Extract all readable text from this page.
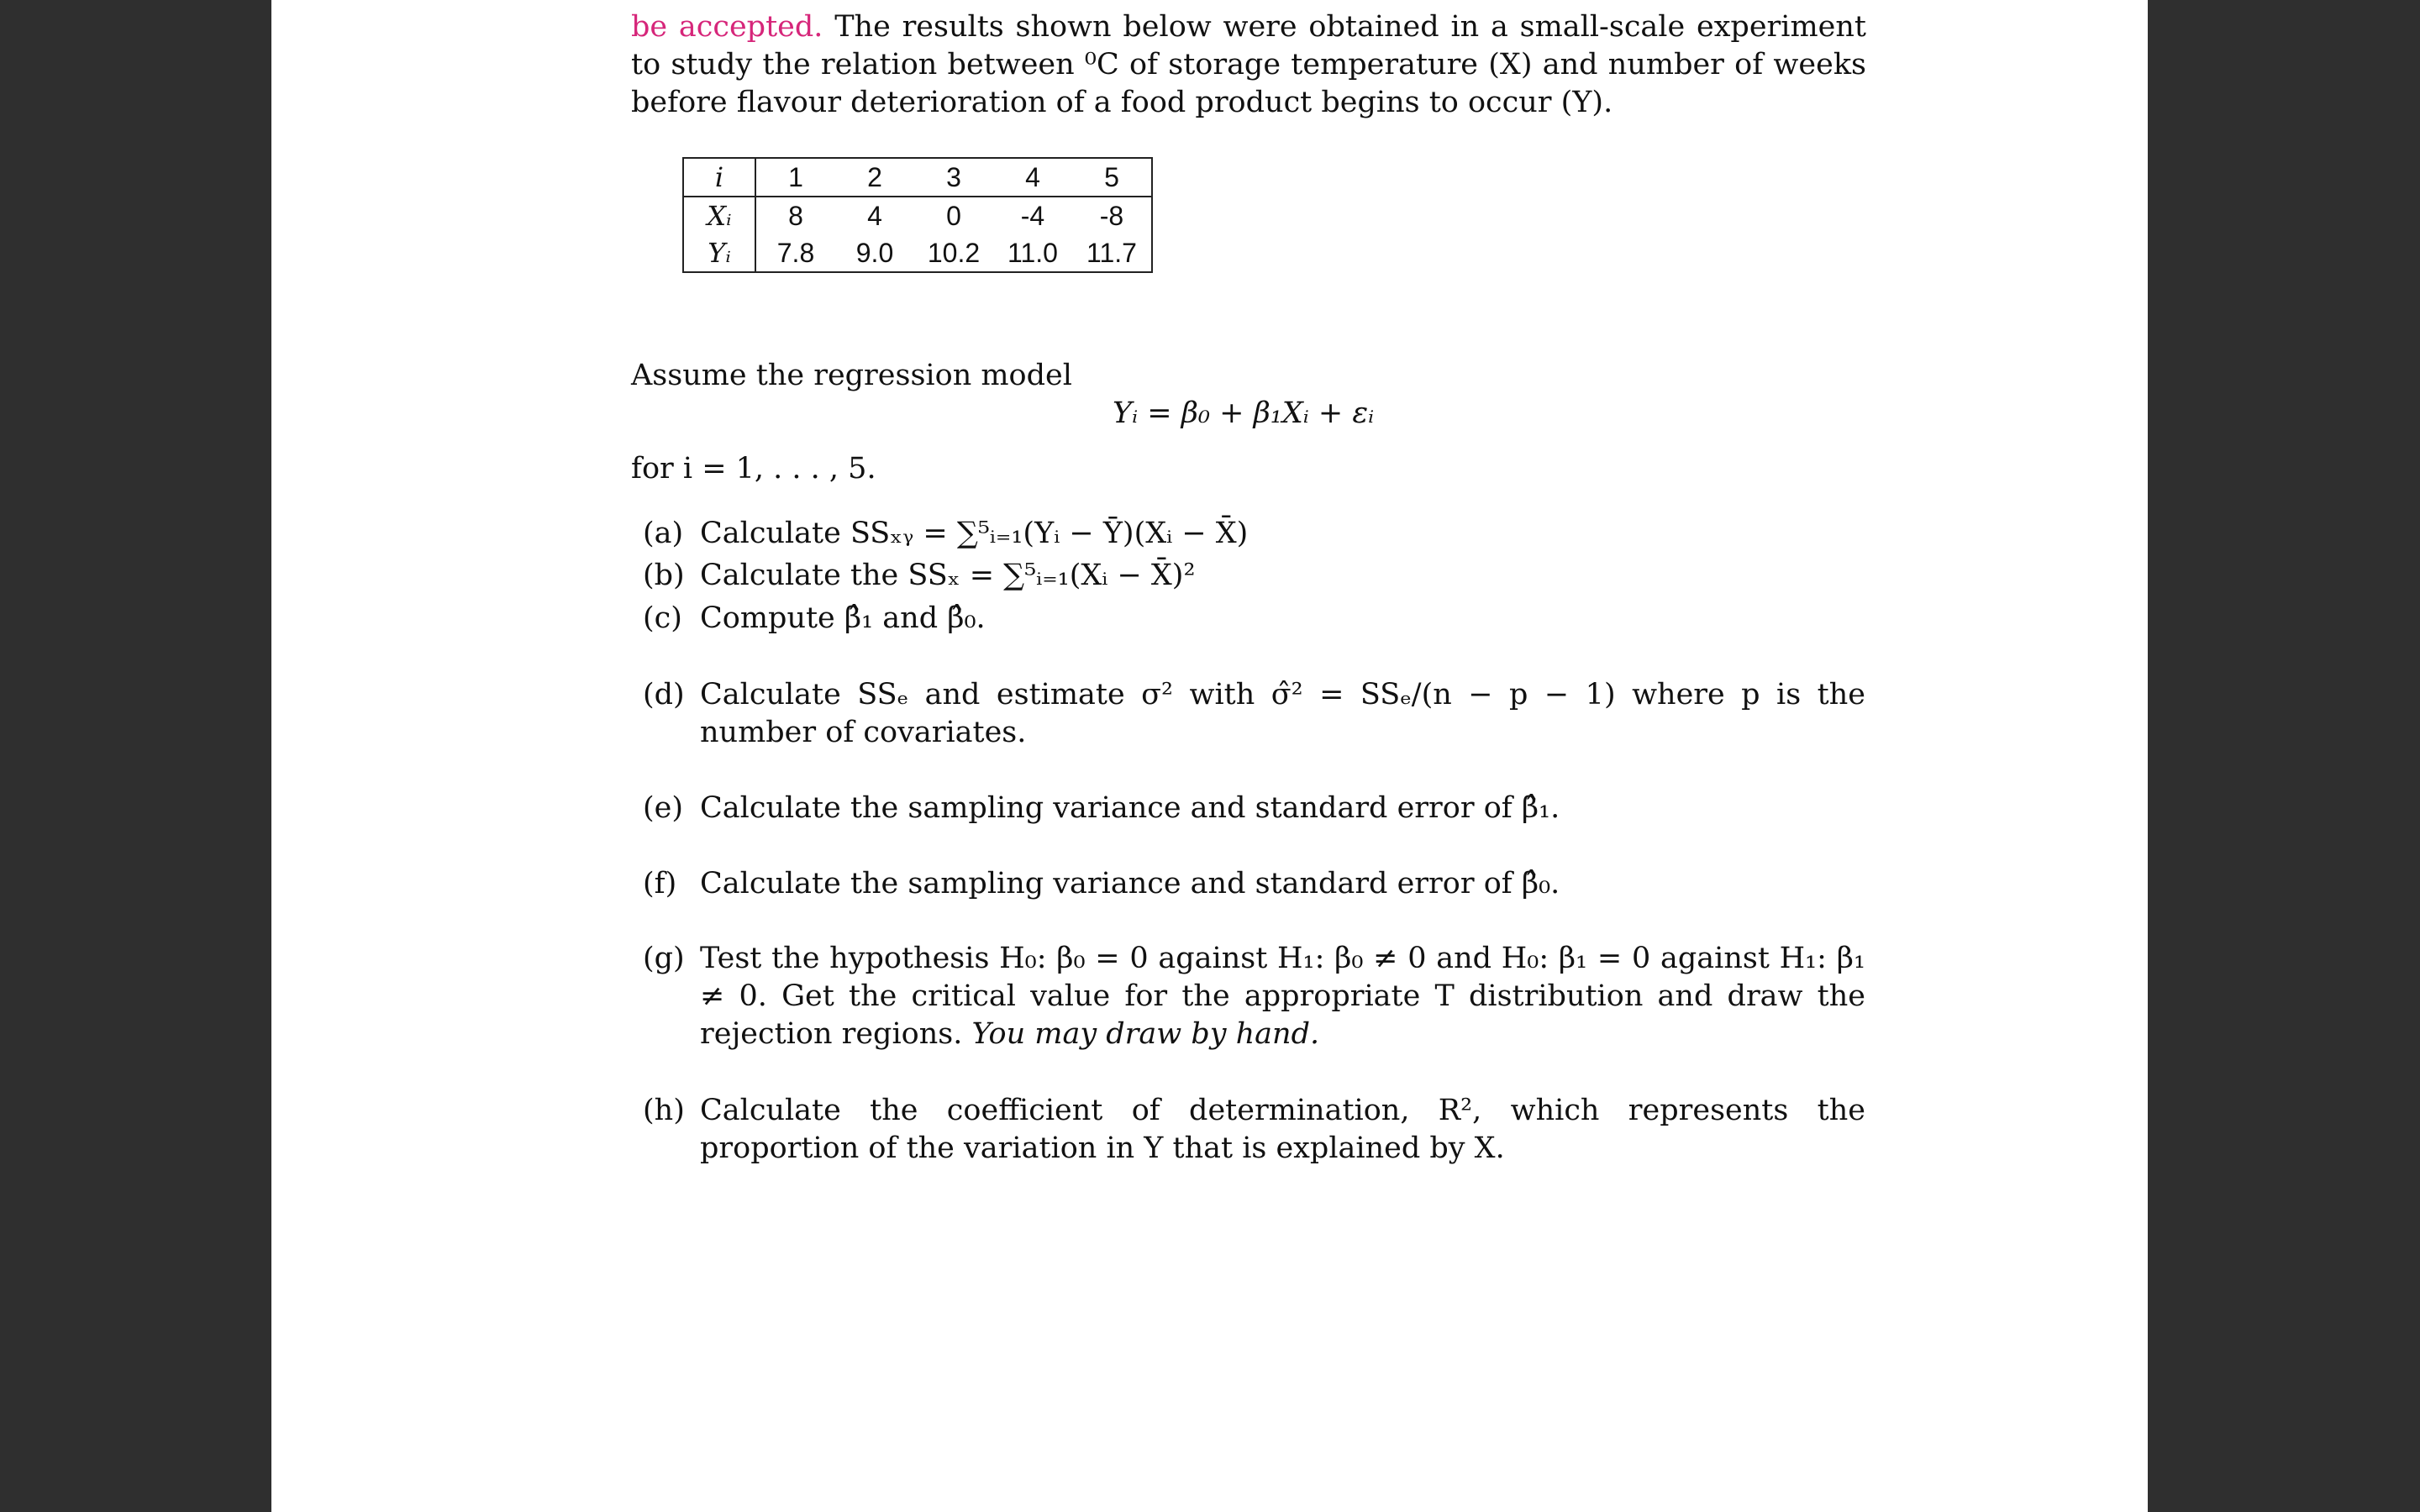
be accepted. The results shown below were obtained in a small-scale experiment to study the relation between ⁰C of storage temperature (X) and number of weeks before flavour deterioration of a food product begins to occur (Y).
i	1	2	3	4	5
Xᵢ	8	4	0	-4	-8
Yᵢ	7.8	9.0	10.2	11.0	11.7
Assume the regression model
Yᵢ = β₀ + β₁Xᵢ + εᵢ
for i = 1, . . . , 5.
(a) Calculate SSₓᵧ = ∑⁵ᵢ₌₁(Yᵢ − Ȳ)(Xᵢ − X̄)
(b) Calculate the SSₓ = ∑⁵ᵢ₌₁(Xᵢ − X̄)²
(c) Compute β̂₁ and β̂₀.
(d) Calculate SSₑ and estimate σ² with σ̂² = SSₑ/(n − p − 1) where p is the number of covariates.
(e) Calculate the sampling variance and standard error of β̂₁.
(f) Calculate the sampling variance and standard error of β̂₀.
(g) Test the hypothesis H₀: β₀ = 0 against H₁: β₀ ≠ 0 and H₀: β₁ = 0 against H₁: β₁ ≠ 0. Get the critical value for the appropriate T distribution and draw the rejection regions. You may draw by hand.
(h) Calculate the coefficient of determination, R², which represents the proportion of the variation in Y that is explained by X.
